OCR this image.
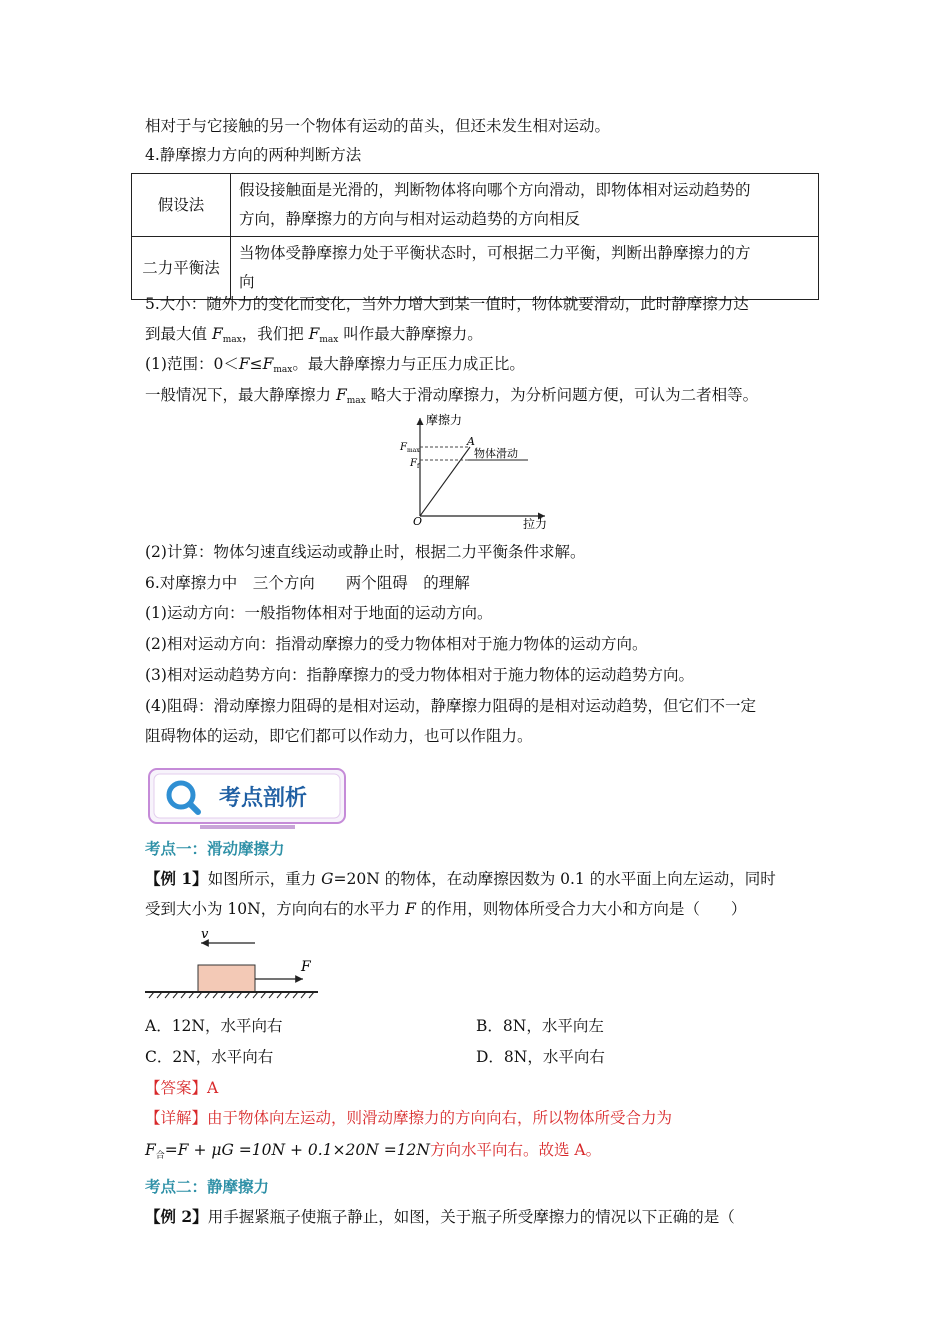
相对于与它接触的另一个物体有运动的苗头，但还未发生相对运动。
4.静摩擦力方向的两种判断方法
假设法	假设接触面是光滑的，判断物体将向哪个方向滑动，即物体相对运动趋势的
方向，静摩擦力的方向与相对运动趋势的方向相反

二力平衡法	当物体受静摩擦力处于平衡状态时，可根据二力平衡，判断出静摩擦力的方
向
5.大小：随外力的变化而变化，当外力增大到某一值时，物体就要滑动，此时静摩擦力达
到最大值 $F_{max}$，我们把 $F_{max}$ 叫作最大静摩擦力。
(1)范围：$0<F\le F_{max}$。最大静摩擦力与正压力成正比。
一般情况下，最大静摩擦力 $F_{max}$ 略大于滑动摩擦力，为分析问题方便，可认为二者相等。
摩擦力
拉力
O
$F_{max}$
$F_f$
A
物体滑动
(2)计算：物体匀速直线运动或静止时，根据二力平衡条件求解。
6.对摩擦力中　三个方向　　两个阻碍　的理解
(1)运动方向：一般指物体相对于地面的运动方向。
(2)相对运动方向：指滑动摩擦力的受力物体相对于施力物体的运动方向。
(3)相对运动趋势方向：指静摩擦力的受力物体相对于施力物体的运动趋势方向。
(4)阻碍：滑动摩擦力阻碍的是相对运动，静摩擦力阻碍的是相对运动趋势，但它们不一定
阻碍物体的运动，即它们都可以作动力，也可以作阻力。
考点剖析
考点一：滑动摩擦力
【例 1】如图所示，重力 G=20N 的物体，在动摩擦因数为 0.1 的水平面上向左运动，同时
受到大小为 10N，方向向右的水平力 F 的作用，则物体所受合力大小和方向是（　　）
v
F
A．12N，水平向右	B．8N，水平向左
C．2N，水平向右	D．8N，水平向右
【答案】A
【详解】由于物体向左运动，则滑动摩擦力的方向向右，所以物体所受合力为
$F_合=F + \mu G =10N + 0.1\times 20N =12N$方向水平向右。故选 A。
考点二：静摩擦力
【例 2】用手握紧瓶子使瓶子静止，如图，关于瓶子所受摩擦力的情况以下正确的是（
